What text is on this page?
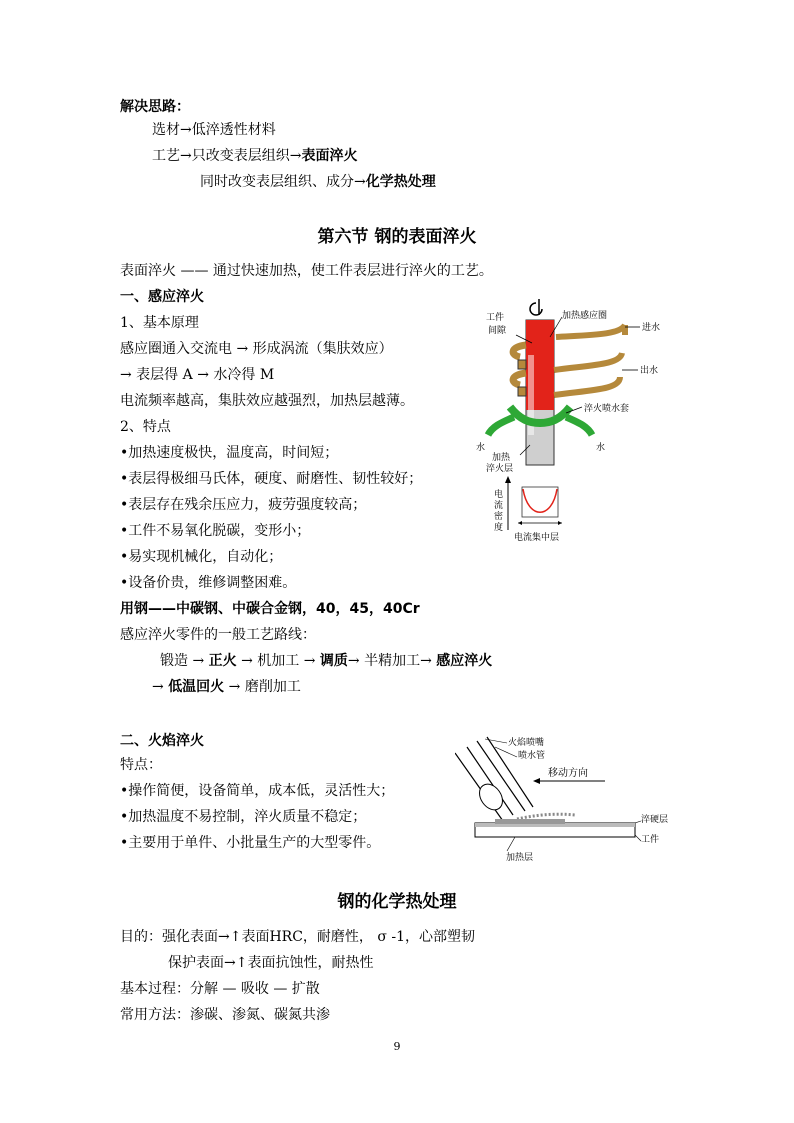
解决思路：
选材→低淬透性材料
工艺→只改变表层组织→表面淬火
同时改变表层组织、成分→化学热处理
第六节 钢的表面淬火
表面淬火 —— 通过快速加热，使工件表层进行淬火的工艺。
一、感应淬火
1、基本原理
感应圈通入交流电 → 形成涡流（集肤效应）
→ 表层得 A → 水冷得 M
电流频率越高，集肤效应越强烈，加热层越薄。
2、特点
•加热速度极快，温度高，时间短；
•表层得极细马氏体，硬度、耐磨性、韧性较好；
•表层存在残余压应力，疲劳强度较高；
•工件不易氧化脱碳，变形小；
•易实现机械化，自动化；
•设备价贵，维修调整困难。
用钢——中碳钢、中碳合金钢，40，45，40Cr
感应淬火零件的一般工艺路线：
锻造 → 正火 → 机加工 → 调质→ 半精加工→ 感应淬火
→ 低温回火 → 磨削加工
工件
间隙
加热感应圈
进水
出水
淬火喷水套
水	水
加热
淬火层
电流密度
电流集中层
二、火焰淬火
特点：
•操作简便，设备简单，成本低，灵活性大；
•加热温度不易控制，淬火质量不稳定；
•主要用于单件、小批量生产的大型零件。
火焰喷嘴
喷水管
移动方向
淬硬层
工件
加热层
钢的化学热处理
目的：强化表面→↑表面HRC，耐磨性， σ -1，心部塑韧
保护表面→↑表面抗蚀性，耐热性
基本过程：分解 — 吸收 — 扩散
常用方法：渗碳、渗氮、碳氮共渗
9
